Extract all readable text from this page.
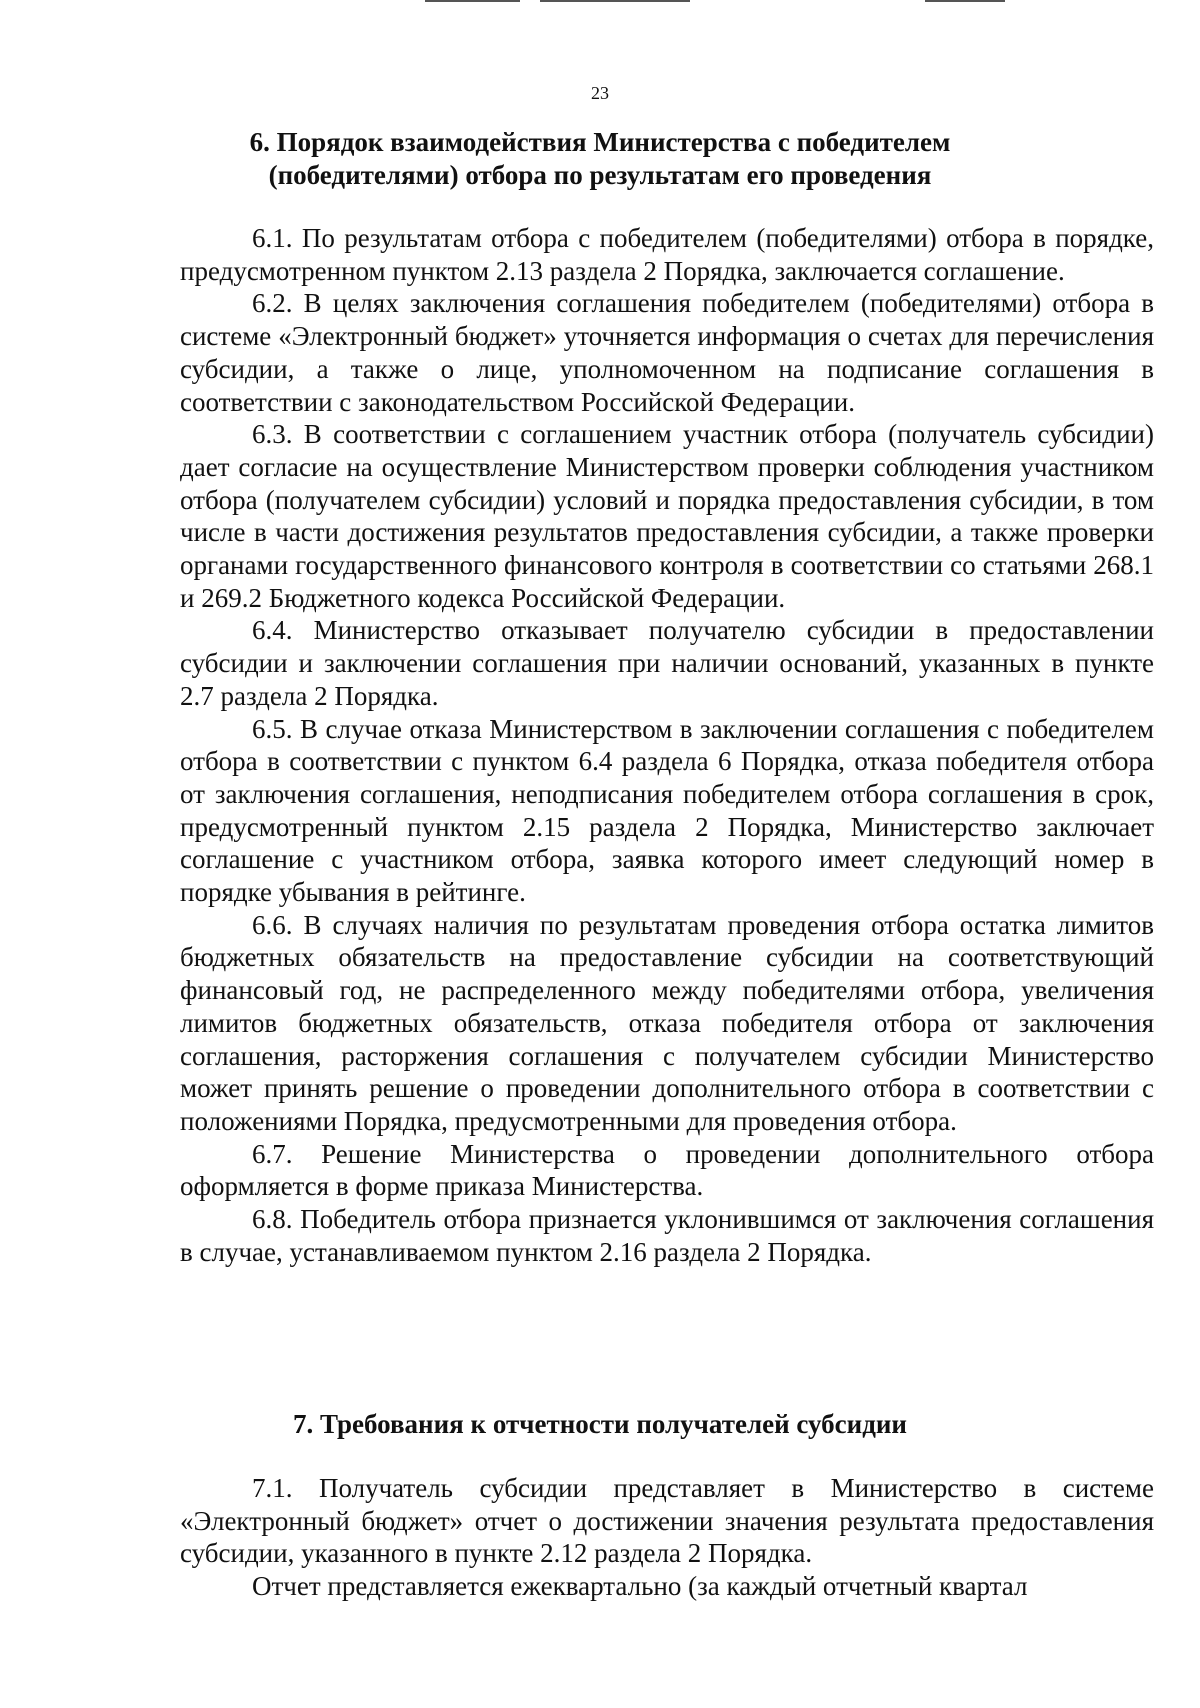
23
6. Порядок взаимодействия Министерства с победителем
(победителями) отбора по результатам его проведения

6.1. По результатам отбора с победителем (победителями) отбора в порядке, предусмотренном пунктом 2.13 раздела 2 Порядка, заключается соглашение.

6.2. В целях заключения соглашения победителем (победителями) отбора в системе «Электронный бюджет» уточняется информация о счетах для перечисления субсидии, а также о лице, уполномоченном на подписание соглашения в соответствии с законодательством Российской Федерации.

6.3. В соответствии с соглашением участник отбора (получатель субсидии) дает согласие на осуществление Министерством проверки соблюдения участником отбора (получателем субсидии) условий и порядка предоставления субсидии, в том числе в части достижения результатов предоставления субсидии, а также проверки органами государственного финансового контроля в соответствии со статьями 268.1 и 269.2 Бюджетного кодекса Российской Федерации.

6.4. Министерство отказывает получателю субсидии в предоставлении субсидии и заключении соглашения при наличии оснований, указанных в пункте 2.7 раздела 2 Порядка.

6.5. В случае отказа Министерством в заключении соглашения с победителем отбора в соответствии с пунктом 6.4 раздела 6 Порядка, отказа победителя отбора от заключения соглашения, неподписания победителем отбора соглашения в срок, предусмотренный пунктом 2.15 раздела 2 Порядка, Министерство заключает соглашение с участником отбора, заявка которого имеет следующий номер в порядке убывания в рейтинге.

6.6. В случаях наличия по результатам проведения отбора остатка лимитов бюджетных обязательств на предоставление субсидии на соответствующий финансовый год, не распределенного между победителями отбора, увеличения лимитов бюджетных обязательств, отказа победителя отбора от заключения соглашения, расторжения соглашения с получателем субсидии Министерство может принять решение о проведении дополнительного отбора в соответствии с положениями Порядка, предусмотренными для проведения отбора.

6.7. Решение Министерства о проведении дополнительного отбора оформляется в форме приказа Министерства.

6.8. Победитель отбора признается уклонившимся от заключения соглашения в случае, устанавливаемом пунктом 2.16 раздела 2 Порядка.

7. Требования к отчетности получателей субсидии

7.1. Получатель субсидии представляет в Министерство в системе «Электронный бюджет» отчет о достижении значения результата предоставления субсидии, указанного в пункте 2.12 раздела 2 Порядка.

Отчет представляется ежеквартально (за каждый отчетный квартал
